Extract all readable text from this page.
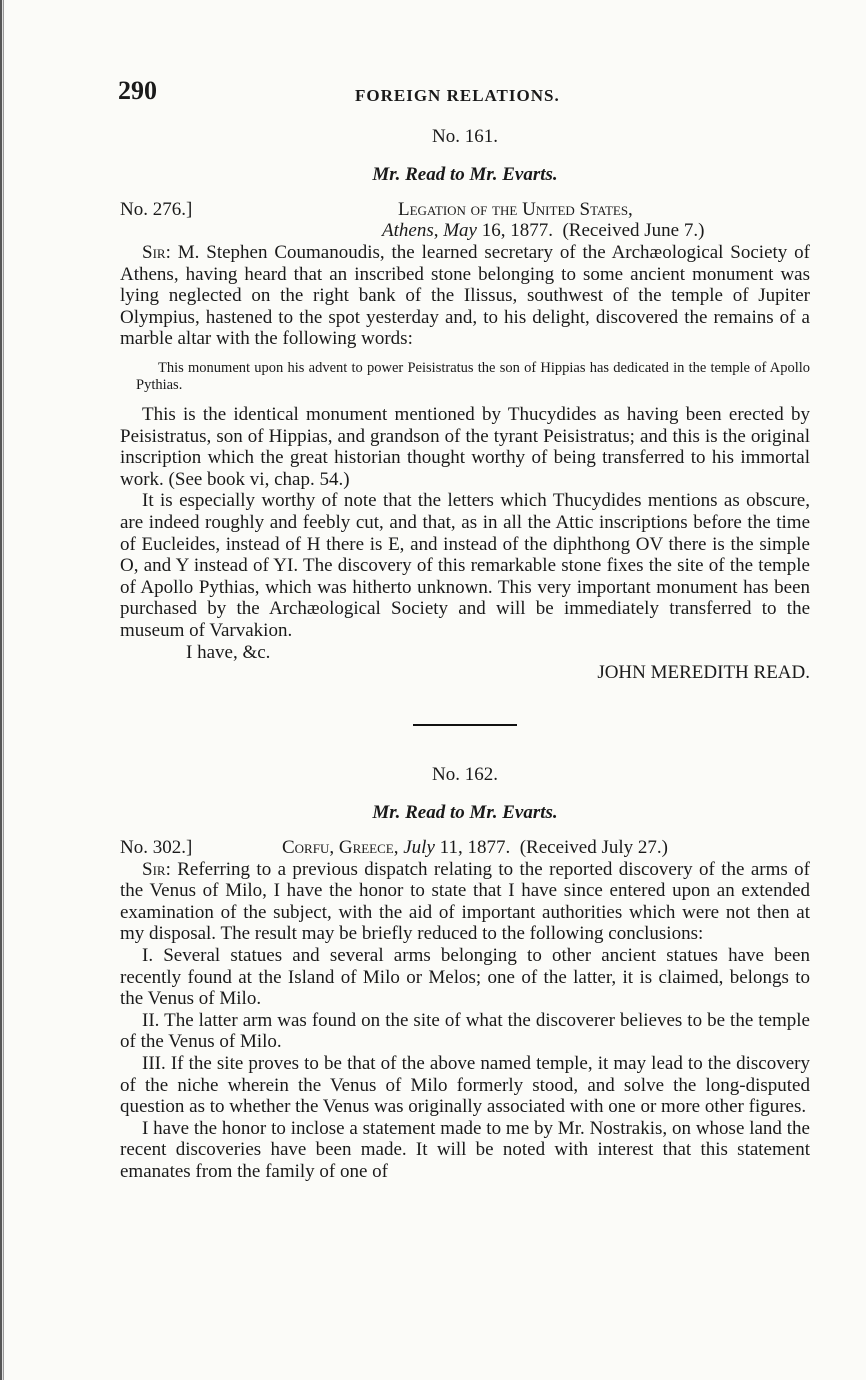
290	FOREIGN RELATIONS.

No. 161.

Mr. Read to Mr. Evarts.

No. 276.]	Legation of the United States,
Athens, May 16, 1877. (Received June 7.)

Sir: M. Stephen Coumanoudis, the learned secretary of the Archæological Society of Athens, having heard that an inscribed stone belonging to some ancient monument was lying neglected on the right bank of the Ilissus, southwest of the temple of Jupiter Olympius, hastened to the spot yesterday and, to his delight, discovered the remains of a marble altar with the following words:

This monument upon his advent to power Peisistratus the son of Hippias has dedicated in the temple of Apollo Pythias.

This is the identical monument mentioned by Thucydides as having been erected by Peisistratus, son of Hippias, and grandson of the tyrant Peisistratus; and this is the original inscription which the great historian thought worthy of being transferred to his immortal work. (See book vi, chap. 54.)

It is especially worthy of note that the letters which Thucydides mentions as obscure, are indeed roughly and feebly cut, and that, as in all the Attic inscriptions before the time of Eucleides, instead of H there is E, and instead of the diphthong OV there is the simple O, and Y instead of YI. The discovery of this remarkable stone fixes the site of the temple of Apollo Pythias, which was hitherto unknown. This very important monument has been purchased by the Archæological Society and will be immediately transferred to the museum of Varvakion.

I have, &c.

JOHN MEREDITH READ.

No. 162.

Mr. Read to Mr. Evarts.

No. 302.]	Corfu, Greece, July 11, 1877. (Received July 27.)

Sir: Referring to a previous dispatch relating to the reported discovery of the arms of the Venus of Milo, I have the honor to state that I have since entered upon an extended examination of the subject, with the aid of important authorities which were not then at my disposal. The result may be briefly reduced to the following conclusions:

I. Several statues and several arms belonging to other ancient statues have been recently found at the Island of Milo or Melos; one of the latter, it is claimed, belongs to the Venus of Milo.

II. The latter arm was found on the site of what the discoverer believes to be the temple of the Venus of Milo.

III. If the site proves to be that of the above named temple, it may lead to the discovery of the niche wherein the Venus of Milo formerly stood, and solve the long-disputed question as to whether the Venus was originally associated with one or more other figures.

I have the honor to inclose a statement made to me by Mr. Nostrakis, on whose land the recent discoveries have been made. It will be noted with interest that this statement emanates from the family of one of
